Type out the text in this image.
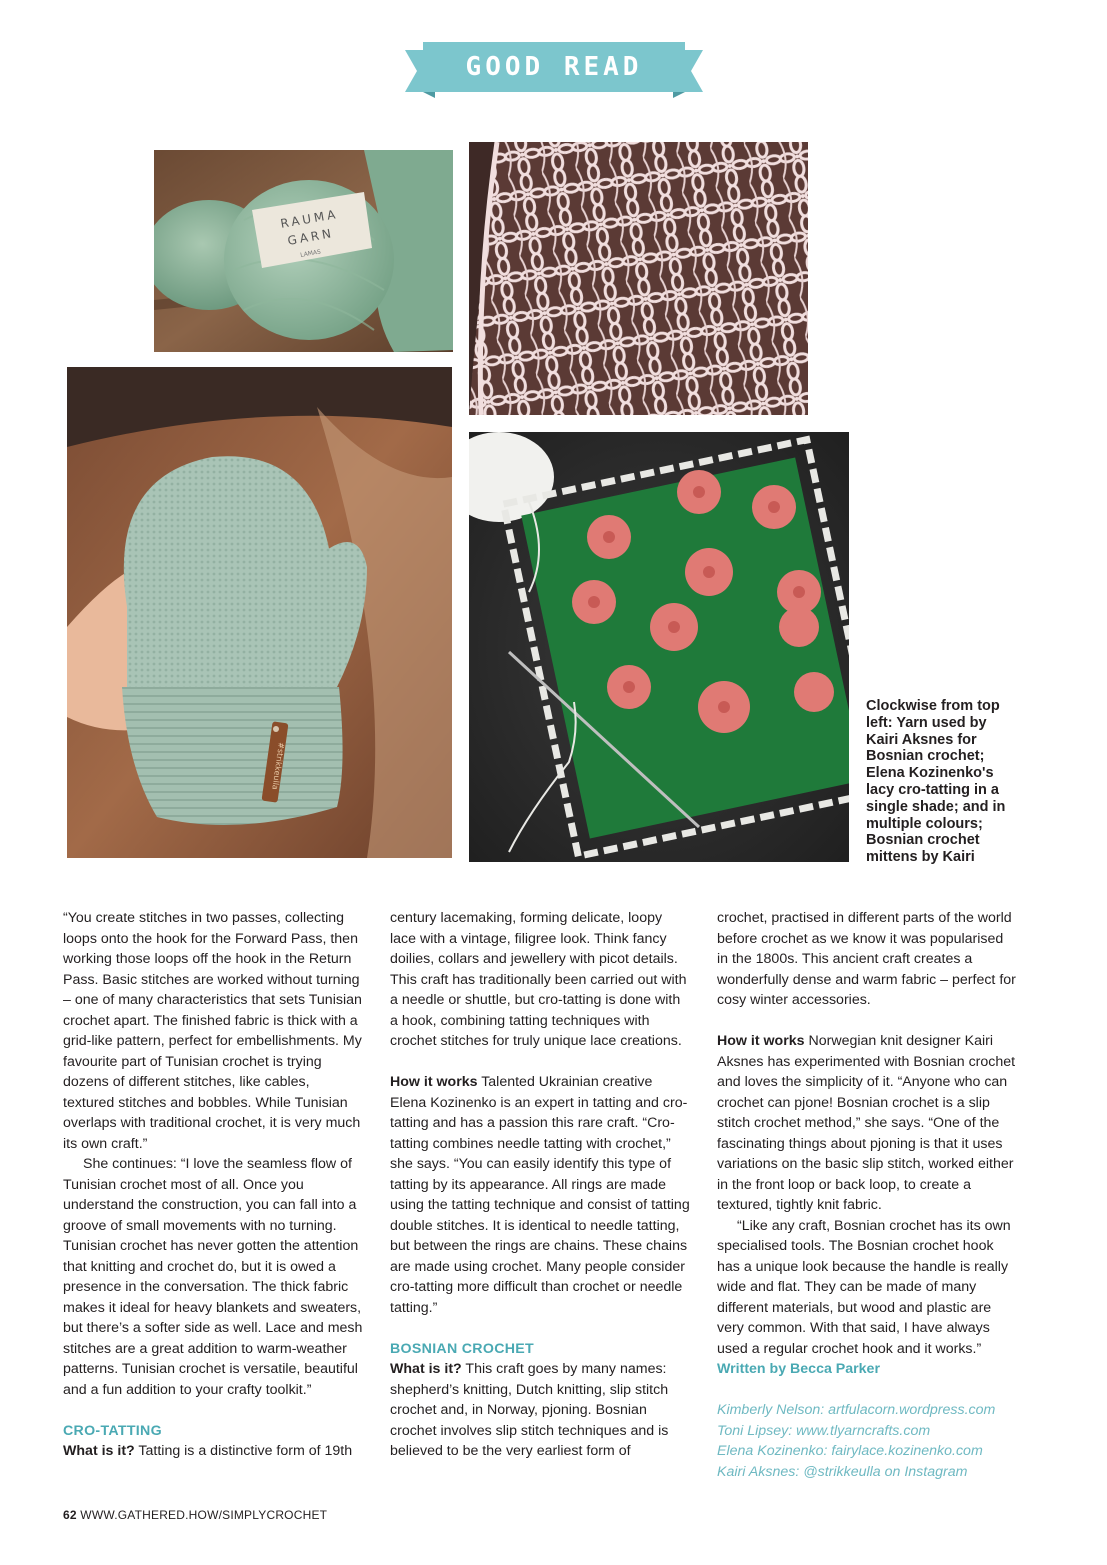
GOOD READ
RAUMA
GARN
LAMAS
#strikkeulla
Clockwise from top left: Yarn used by Kairi Aksnes for Bosnian crochet; Elena Kozinenko's lacy cro-tatting in a single shade; and in multiple colours; Bosnian crochet mittens by Kairi

“You create stitches in two passes, collecting loops onto the hook for the Forward Pass, then working those loops off the hook in the Return Pass. Basic stitches are worked without turning – one of many characteristics that sets Tunisian crochet apart. The finished fabric is thick with a grid-like pattern, perfect for embellishments. My favourite part of Tunisian crochet is trying dozens of different stitches, like cables, textured stitches and bobbles. While Tunisian overlaps with traditional crochet, it is very much its own craft.”

She continues: “I love the seamless flow of Tunisian crochet most of all. Once you understand the construction, you can fall into a groove of small movements with no turning. Tunisian crochet has never gotten the attention that knitting and crochet do, but it is owed a presence in the conversation. The thick fabric makes it ideal for heavy blankets and sweaters, but there’s a softer side as well. Lace and mesh stitches are a great addition to warm-weather patterns. Tunisian crochet is versatile, beautiful and a fun addition to your crafty toolkit.”

CRO-TATTING

What is it? Tatting is a distinctive form of 19th

century lacemaking, forming delicate, loopy lace with a vintage, filigree look. Think fancy doilies, collars and jewellery with picot details. This craft has traditionally been carried out with a needle or shuttle, but cro-tatting is done with a hook, combining tatting techniques with crochet stitches for truly unique lace creations.

How it works Talented Ukrainian creative Elena Kozinenko is an expert in tatting and cro-tatting and has a passion this rare craft. “Cro-tatting combines needle tatting with crochet,” she says. “You can easily identify this type of tatting by its appearance. All rings are made using the tatting technique and consist of tatting double stitches. It is identical to needle tatting, but between the rings are chains. These chains are made using crochet. Many people consider cro-tatting more difficult than crochet or needle tatting.”

BOSNIAN CROCHET

What is it? This craft goes by many names: shepherd’s knitting, Dutch knitting, slip stitch crochet and, in Norway, pjoning. Bosnian crochet involves slip stitch techniques and is believed to be the very earliest form of

crochet, practised in different parts of the world before crochet as we know it was popularised in the 1800s. This ancient craft creates a wonderfully dense and warm fabric – perfect for cosy winter accessories.

How it works Norwegian knit designer Kairi Aksnes has experimented with Bosnian crochet and loves the simplicity of it. “Anyone who can crochet can pjone! Bosnian crochet is a slip stitch crochet method,” she says. “One of the fascinating things about pjoning is that it uses variations on the basic slip stitch, worked either in the front loop or back loop, to create a textured, tightly knit fabric.

“Like any craft, Bosnian crochet has its own specialised tools. The Bosnian crochet hook has a unique look because the handle is really wide and flat. They can be made of many different materials, but wood and plastic are very common. With that said, I have always used a regular crochet hook and it works.”

Written by Becca Parker

Kimberly Nelson: artfulacorn.wordpress.com
Toni Lipsey: www.tlyarncrafts.com
Elena Kozinenko: fairylace.kozinenko.com
Kairi Aksnes: @strikkeulla on Instagram
62 WWW.GATHERED.HOW/SIMPLYCROCHET
